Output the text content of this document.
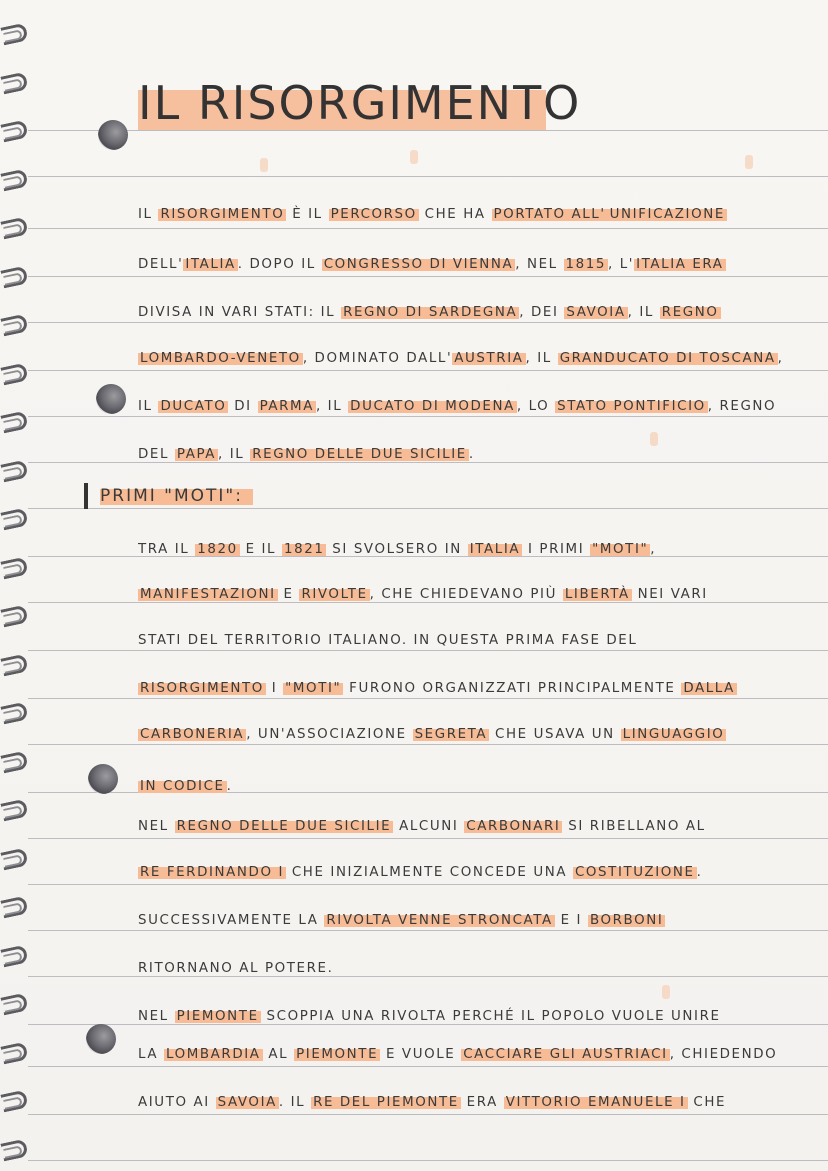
IL RISORGIMENTO
IL RISORGIMENTO È IL PERCORSO CHE HA PORTATO ALL' UNIFICAZIONE
DELL' ITALIA . DOPO IL CONGRESSO DI VIENNA , NEL 1815 , L' ITALIA ERA
DIVISA IN VARI STATI: IL REGNO DI SARDEGNA , DEI SAVOIA , IL REGNO
LOMBARDO-VENETO , DOMINATO DALL' AUSTRIA , IL GRANDUCATO DI TOSCANA ,
IL DUCATO DI PARMA , IL DUCATO DI MODENA , LO STATO PONTIFICIO , REGNO
DEL PAPA , IL REGNO DELLE DUE SICILIE .
PRIMI "MOTI":
TRA IL 1820 E IL 1821 SI SVOLSERO IN ITALIA I PRIMI "MOTI" ,
MANIFESTAZIONI E RIVOLTE , CHE CHIEDEVANO PIÙ LIBERTÀ NEI VARI
STATI DEL TERRITORIO ITALIANO. IN QUESTA PRIMA FASE DEL
RISORGIMENTO I "MOTI" FURONO ORGANIZZATI PRINCIPALMENTE DALLA
CARBONERIA , UN'ASSOCIAZIONE SEGRETA CHE USAVA UN LINGUAGGIO
IN CODICE .
NEL REGNO DELLE DUE SICILIE ALCUNI CARBONARI SI RIBELLANO AL
RE FERDINANDO I CHE INIZIALMENTE CONCEDE UNA COSTITUZIONE .
SUCCESSIVAMENTE LA RIVOLTA VENNE STRONCATA E I BORBONI
RITORNANO AL POTERE.
NEL PIEMONTE SCOPPIA UNA RIVOLTA PERCHÉ IL POPOLO VUOLE UNIRE
LA LOMBARDIA AL PIEMONTE E VUOLE CACCIARE GLI AUSTRIACI , CHIEDENDO
AIUTO AI SAVOIA . IL RE DEL PIEMONTE ERA VITTORIO EMANUELE I CHE
